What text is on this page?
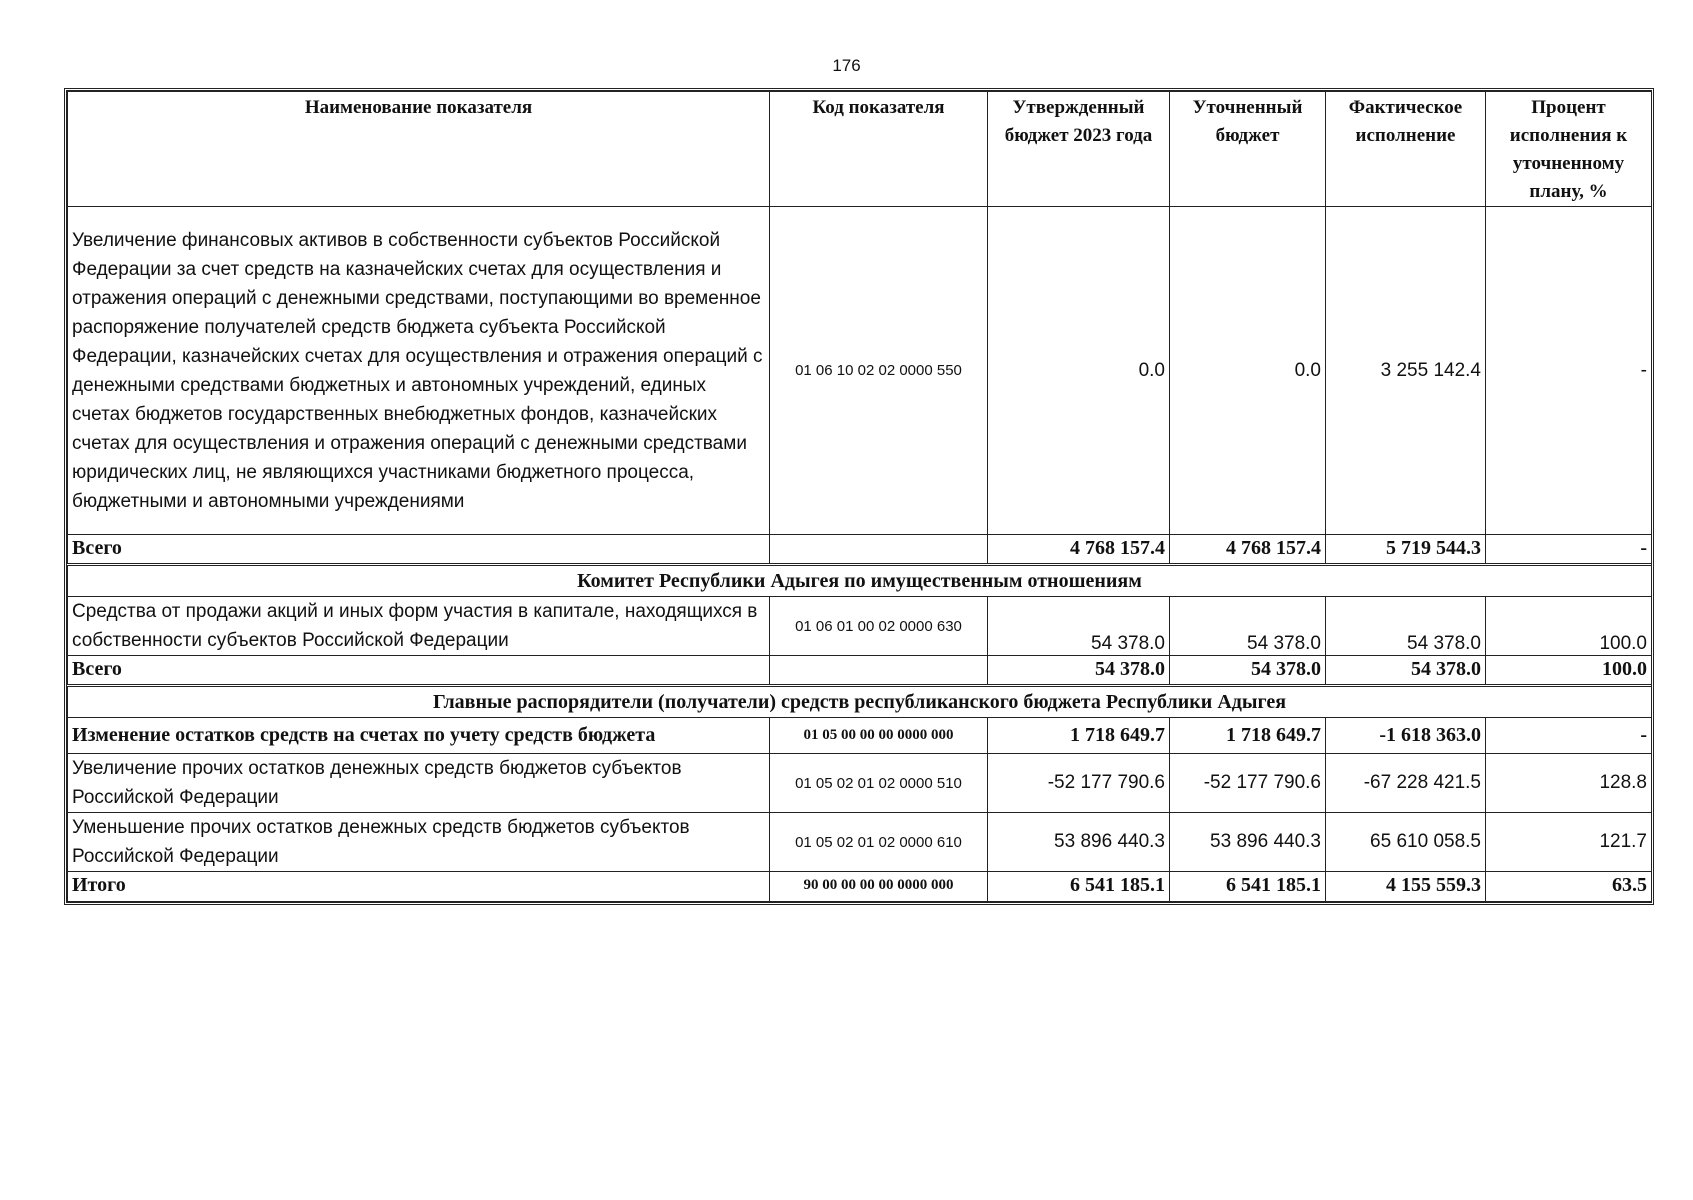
176
Наименование показателя	Код показателя	Утвержденный бюджет 2023 года	Уточненный бюджет	Фактическое исполнение	Процент исполнения к уточненному плану, %
Увеличение финансовых активов в собственности субъектов Российской Федерации за счет средств на казначейских счетах для осуществления и отражения операций с денежными средствами, поступающими во временное распоряжение получателей средств бюджета субъекта Российской Федерации, казначейских счетах для осуществления и отражения операций с денежными средствами бюджетных и автономных учреждений, единых счетах бюджетов государственных внебюджетных фондов, казначейских счетах для осуществления и отражения операций с денежными средствами юридических лиц, не являющихся участниками бюджетного процесса, бюджетными и автономными учреждениями	01 06 10 02 02 0000 550	0.0	0.0	3 255 142.4	-
Всего		4 768 157.4	4 768 157.4	5 719 544.3	-
Комитет Республики Адыгея по имущественным отношениям					
Средства от продажи акций и иных форм участия в капитале, находящихся в собственности субъектов Российской Федерации	01 06 01 00 02 0000 630	54 378.0	54 378.0	54 378.0	100.0
Всего		54 378.0	54 378.0	54 378.0	100.0
Главные распорядители (получатели) средств республиканского бюджета Республики Адыгея					
Изменение остатков средств на счетах по учету средств бюджета	01 05 00 00 00 0000 000	1 718 649.7	1 718 649.7	-1 618 363.0	-
Увеличение прочих остатков денежных средств бюджетов субъектов Российской Федерации	01 05 02 01 02 0000 510	-52 177 790.6	-52 177 790.6	-67 228 421.5	128.8
Уменьшение прочих остатков денежных средств бюджетов субъектов Российской Федерации	01 05 02 01 02 0000 610	53 896 440.3	53 896 440.3	65 610 058.5	121.7
Итого	90 00 00 00 00 0000 000	6 541 185.1	6 541 185.1	4 155 559.3	63.5
